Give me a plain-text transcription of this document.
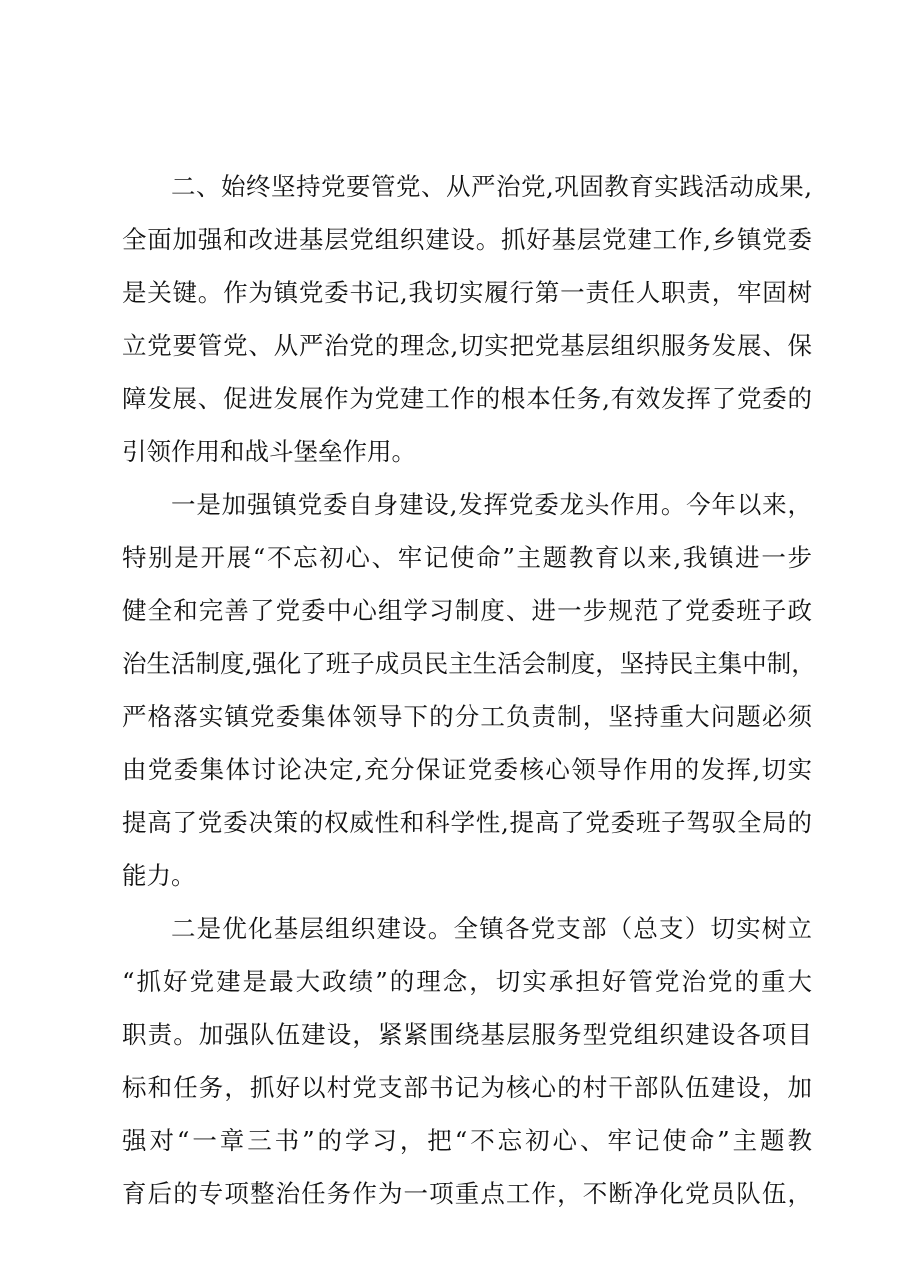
二、始终坚持党要管党、从严治党,巩固教育实践活动成果,
全面加强和改进基层党组织建设。抓好基层党建工作,乡镇党委
是关键。作为镇党委书记,我切实履行第一责任人职责，牢固树
立党要管党、从严治党的理念,切实把党基层组织服务发展、保
障发展、促进发展作为党建工作的根本任务,有效发挥了党委的
引领作用和战斗堡垒作用。
一是加强镇党委自身建设,发挥党委龙头作用。今年以来，
特别是开展“不忘初心、牢记使命”主题教育以来,我镇进一步
健全和完善了党委中心组学习制度、进一步规范了党委班子政
治生活制度,强化了班子成员民主生活会制度，坚持民主集中制，
严格落实镇党委集体领导下的分工负责制，坚持重大问题必须
由党委集体讨论决定,充分保证党委核心领导作用的发挥,切实
提高了党委决策的权威性和科学性,提高了党委班子驾驭全局的
能力。
二是优化基层组织建设。全镇各党支部（总支）切实树立
“抓好党建是最大政绩”的理念，切实承担好管党治党的重大
职责。加强队伍建设，紧紧围绕基层服务型党组织建设各项目
标和任务，抓好以村党支部书记为核心的村干部队伍建设，加
强对“一章三书”的学习，把“不忘初心、牢记使命”主题教
育后的专项整治任务作为一项重点工作，不断净化党员队伍，
